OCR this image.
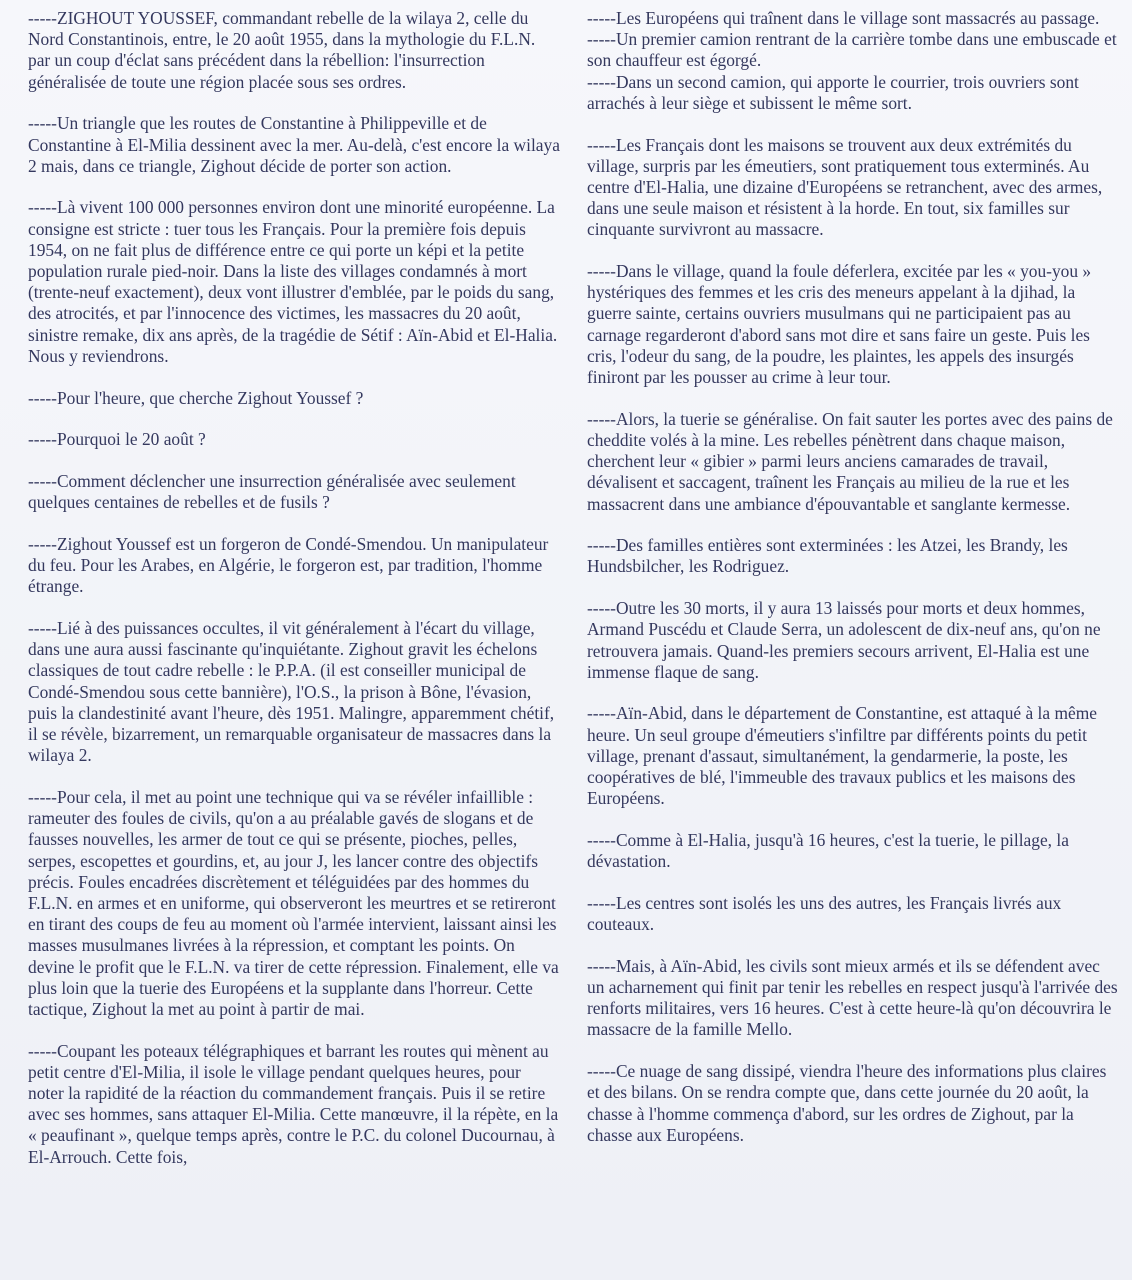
-----ZIGHOUT YOUSSEF, commandant rebelle de la wilaya 2, celle du Nord Constantinois, entre, le 20 août 1955, dans la mythologie du F.L.N. par un coup d'éclat sans précédent dans la rébellion: l'insurrection généralisée de toute une région placée sous ses ordres.

-----Un triangle que les routes de Constantine à Philippeville et de Constantine à El-Milia dessinent avec la mer. Au-delà, c'est encore la wilaya 2 mais, dans ce triangle, Zighout décide de porter son action.

-----Là vivent 100 000 personnes environ dont une minorité européenne. La consigne est stricte : tuer tous les Français. Pour la première fois depuis 1954, on ne fait plus de différence entre ce qui porte un képi et la petite population rurale pied-noir. Dans la liste des villages condamnés à mort (trente-neuf exactement), deux vont illustrer d'emblée, par le poids du sang, des atrocités, et par l'innocence des victimes, les massacres du 20 août, sinistre remake, dix ans après, de la tragédie de Sétif : Aïn-Abid et El-Halia. Nous y reviendrons.

-----Pour l'heure, que cherche Zighout Youssef ?

-----Pourquoi le 20 août ?

-----Comment déclencher une insurrection généralisée avec seulement quelques centaines de rebelles et de fusils ?

-----Zighout Youssef est un forgeron de Condé-Smendou. Un manipulateur du feu. Pour les Arabes, en Algérie, le forgeron est, par tradition, l'homme étrange.

-----Lié à des puissances occultes, il vit généralement à l'écart du village, dans une aura aussi fascinante qu'inquiétante. Zighout gravit les échelons classiques de tout cadre rebelle : le P.P.A. (il est conseiller municipal de Condé-Smendou sous cette bannière), l'O.S., la prison à Bône, l'évasion, puis la clandestinité avant l'heure, dès 1951. Malingre, apparemment chétif, il se révèle, bizarrement, un remarquable organisateur de massacres dans la wilaya 2.

-----Pour cela, il met au point une technique qui va se révéler infaillible : rameuter des foules de civils, qu'on a au préalable gavés de slogans et de fausses nouvelles, les armer de tout ce qui se présente, pioches, pelles, serpes, escopettes et gourdins, et, au jour J, les lancer contre des objectifs précis. Foules encadrées discrètement et téléguidées par des hommes du F.L.N. en armes et en uniforme, qui observeront les meurtres et se retireront en tirant des coups de feu au moment où l'armée intervient, laissant ainsi les masses musulmanes livrées à la répression, et comptant les points. On devine le profit que le F.L.N. va tirer de cette répression. Finalement, elle va plus loin que la tuerie des Européens et la supplante dans l'horreur. Cette tactique, Zighout la met au point à partir de mai.

-----Coupant les poteaux télégraphiques et barrant les routes qui mènent au petit centre d'El-Milia, il isole le village pendant quelques heures, pour noter la rapidité de la réaction du commandement français. Puis il se retire avec ses hommes, sans attaquer El-Milia. Cette manœuvre, il la répète, en la « peaufinant », quelque temps après, contre le P.C. du colonel Ducournau, à El-Arrouch. Cette fois,

-----Les Européens qui traînent dans le village sont massacrés au passage.
-----Un premier camion rentrant de la carrière tombe dans une embuscade et son chauffeur est égorgé.
-----Dans un second camion, qui apporte le courrier, trois ouvriers sont arrachés à leur siège et subissent le même sort.

-----Les Français dont les maisons se trouvent aux deux extrémités du village, surpris par les émeutiers, sont pratiquement tous exterminés. Au centre d'El-Halia, une dizaine d'Européens se retranchent, avec des armes, dans une seule maison et résistent à la horde. En tout, six familles sur cinquante survivront au massacre.

-----Dans le village, quand la foule déferlera, excitée par les « you-you » hystériques des femmes et les cris des meneurs appelant à la djihad, la guerre sainte, certains ouvriers musulmans qui ne participaient pas au carnage regarderont d'abord sans mot dire et sans faire un geste. Puis les cris, l'odeur du sang, de la poudre, les plaintes, les appels des insurgés finiront par les pousser au crime à leur tour.

-----Alors, la tuerie se généralise. On fait sauter les portes avec des pains de cheddite volés à la mine. Les rebelles pénètrent dans chaque maison, cherchent leur « gibier » parmi leurs anciens camarades de travail, dévalisent et saccagent, traînent les Français au milieu de la rue et les massacrent dans une ambiance d'épouvantable et sanglante kermesse.

-----Des familles entières sont exterminées : les Atzei, les Brandy, les Hundsbilcher, les Rodriguez.

-----Outre les 30 morts, il y aura 13 laissés pour morts et deux hommes, Armand Puscédu et Claude Serra, un adolescent de dix-neuf ans, qu'on ne retrouvera jamais. Quand-les premiers secours arrivent, El-Halia est une immense flaque de sang.

-----Aïn-Abid, dans le département de Constantine, est attaqué à la même heure. Un seul groupe d'émeutiers s'infiltre par différents points du petit village, prenant d'assaut, simultanément, la gendarmerie, la poste, les coopératives de blé, l'immeuble des travaux publics et les maisons des Européens.

-----Comme à El-Halia, jusqu'à 16 heures, c'est la tuerie, le pillage, la dévastation.

-----Les centres sont isolés les uns des autres, les Français livrés aux couteaux.

-----Mais, à Aïn-Abid, les civils sont mieux armés et ils se défendent avec un acharnement qui finit par tenir les rebelles en respect jusqu'à l'arrivée des renforts militaires, vers 16 heures. C'est à cette heure-là qu'on découvrira le massacre de la famille Mello.

-----Ce nuage de sang dissipé, viendra l'heure des informations plus claires et des bilans. On se rendra compte que, dans cette journée du 20 août, la chasse à l'homme commença d'abord, sur les ordres de Zighout, par la chasse aux Européens.
